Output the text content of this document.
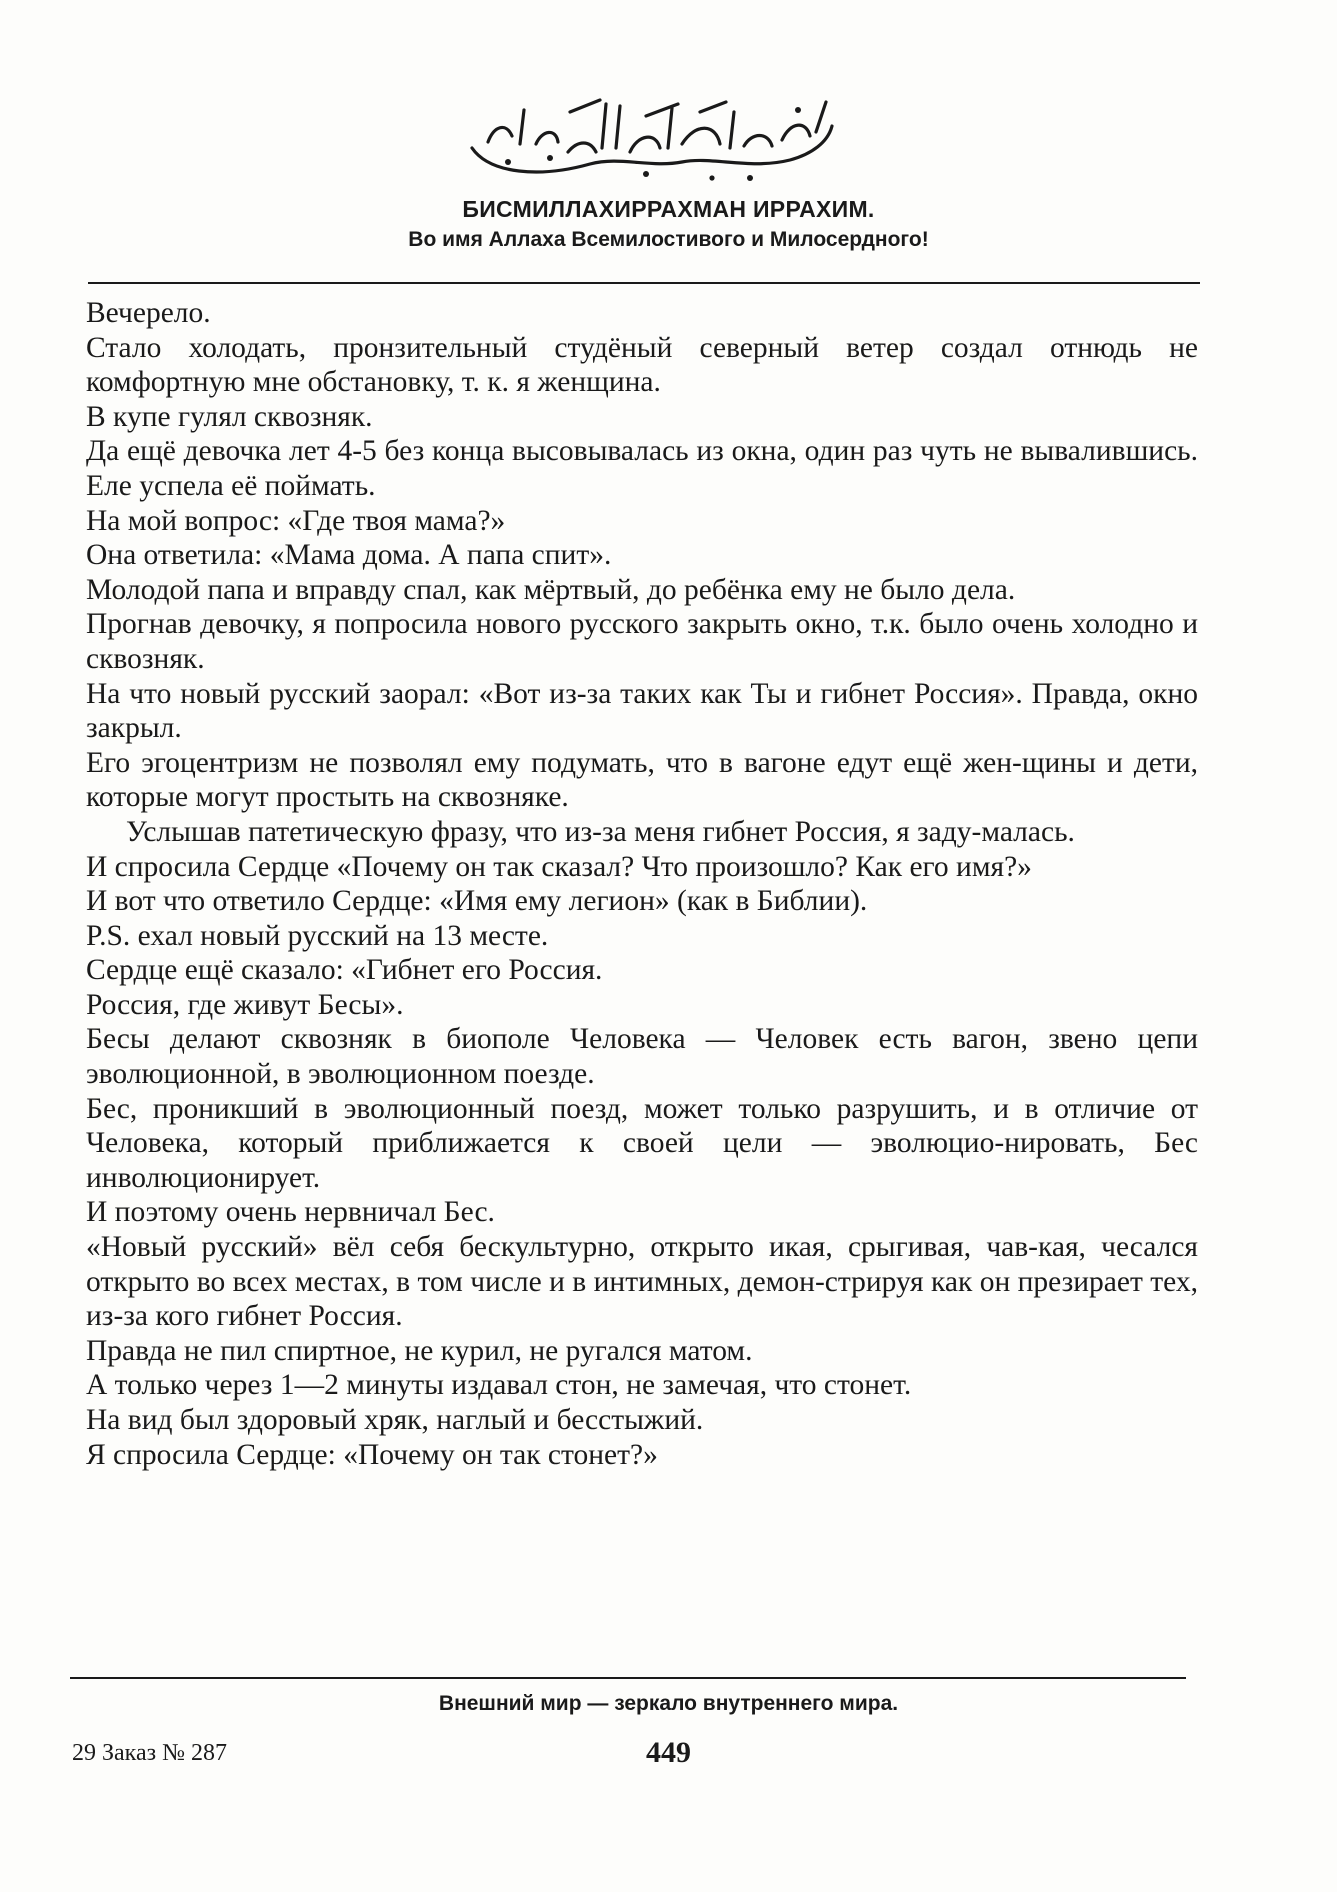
БИСМИЛЛАХИРРАХМАН ИРРАХИМ.
Во имя Аллаха Всемилостивого и Милосердного!

Вечерело.

Стало холодать, пронзительный студёный северный ветер создал отнюдь не комфортную мне обстановку, т. к. я женщина.

В купе гулял сквозняк.

Да ещё девочка лет 4-5 без конца высовывалась из окна, один раз чуть не вывалившись. Еле успела её поймать.

На мой вопрос: «Где твоя мама?»

Она ответила: «Мама дома. А папа спит».

Молодой папа и вправду спал, как мёртвый, до ребёнка ему не было дела.

Прогнав девочку, я попросила нового русского закрыть окно, т.к. было очень холодно и сквозняк.

На что новый русский заорал: «Вот из-за таких как Ты и гибнет Россия». Правда, окно закрыл.

Его эгоцентризм не позволял ему подумать, что в вагоне едут ещё жен-щины и дети, которые могут простыть на сквозняке.

Услышав патетическую фразу, что из-за меня гибнет Россия, я заду-малась.

И спросила Сердце «Почему он так сказал? Что произошло? Как его имя?»

И вот что ответило Сердце: «Имя ему легион» (как в Библии).

P.S. ехал новый русский на 13 месте.

Сердце ещё сказало: «Гибнет его Россия.

Россия, где живут Бесы».

Бесы делают сквозняк в биополе Человека — Человек есть вагон, звено цепи эволюционной, в эволюционном поезде.

Бес, проникший в эволюционный поезд, может только разрушить, и в отличие от Человека, который приближается к своей цели — эволюцио-нировать, Бес инволюционирует.

И поэтому очень нервничал Бес.

«Новый русский» вёл себя бескультурно, открыто икая, срыгивая, чав-кая, чесался открыто во всех местах, в том числе и в интимных, демон-стрируя как он презирает тех, из-за кого гибнет Россия.

Правда не пил спиртное, не курил, не ругался матом.

А только через 1—2 минуты издавал стон, не замечая, что стонет.

На вид был здоровый хряк, наглый и бесстыжий.

Я спросила Сердце: «Почему он так стонет?»

Внешний мир — зеркало внутреннего мира.
29 Заказ № 287	449
